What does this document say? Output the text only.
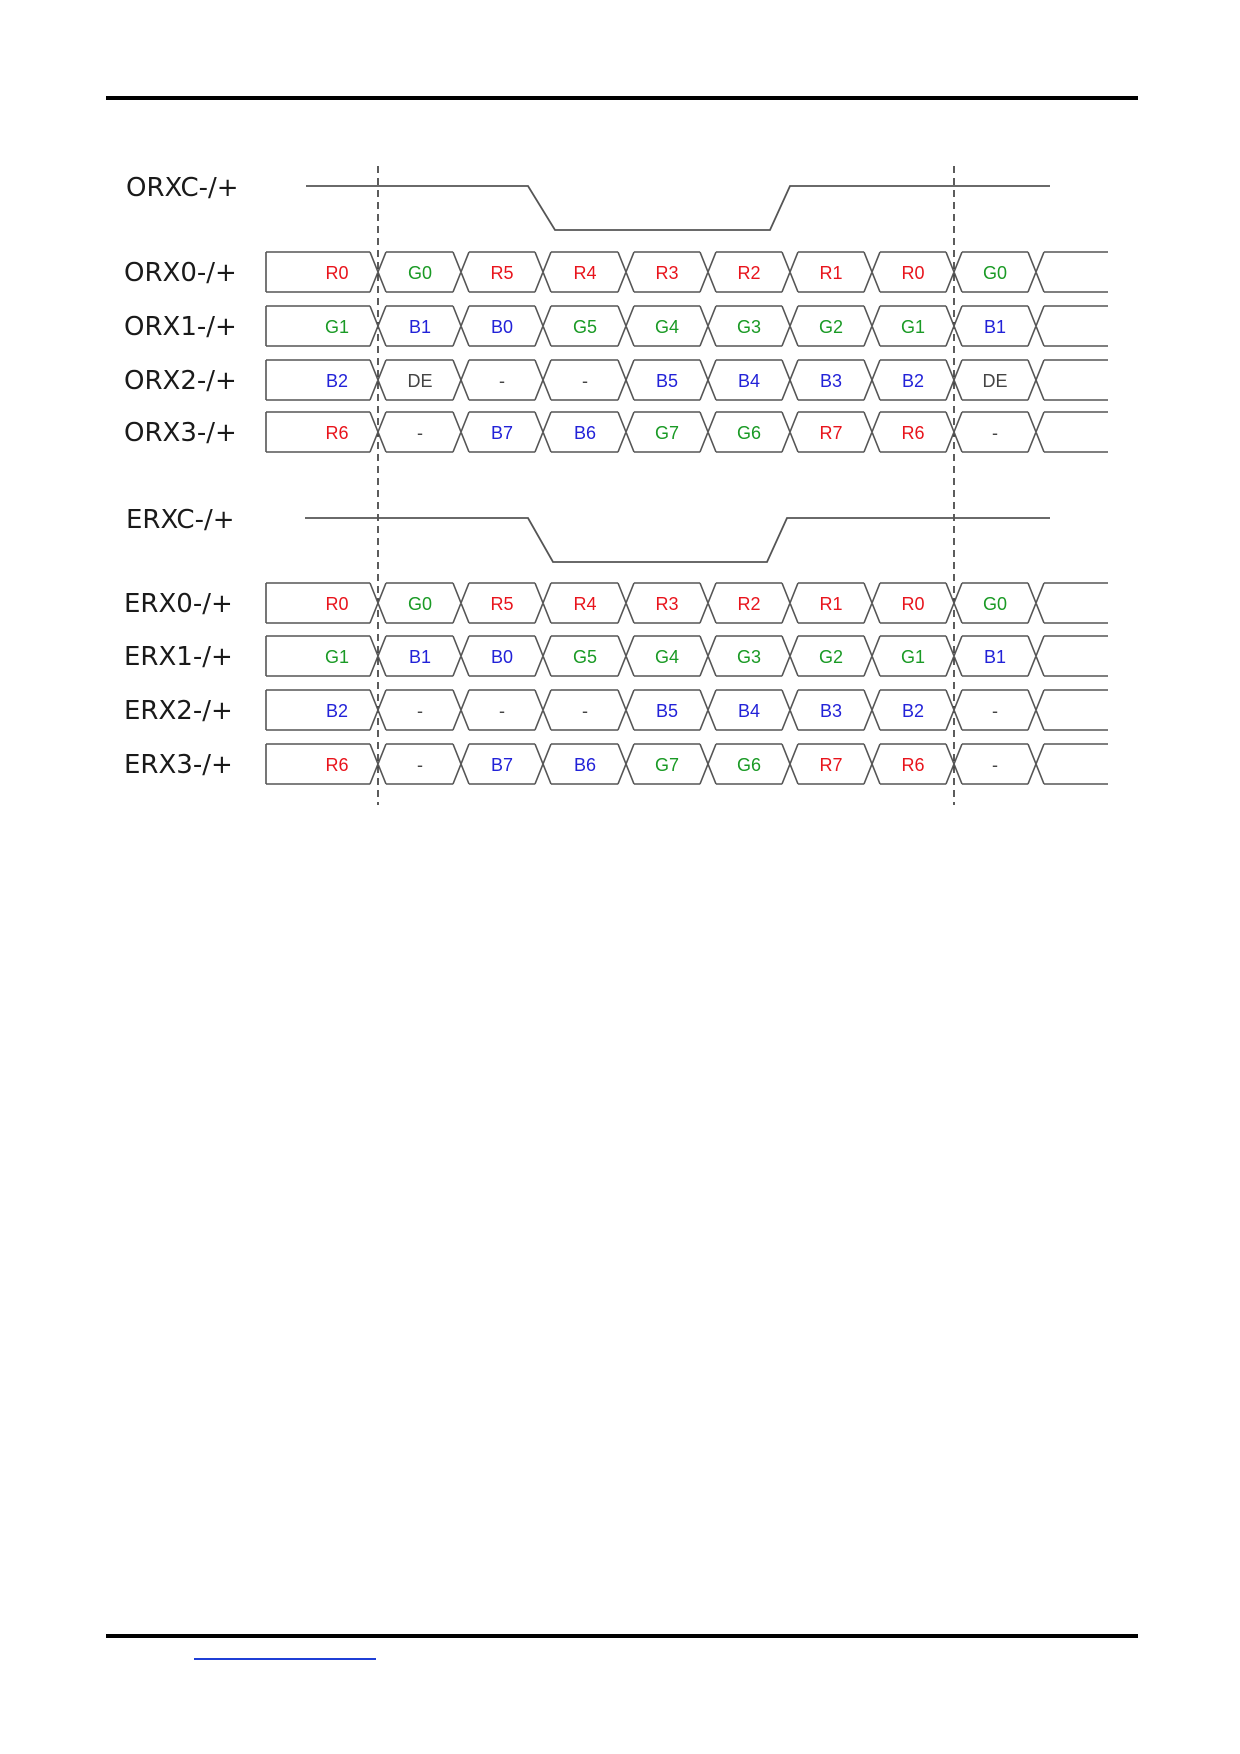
ORXC-/+
ORX0-/+	R0	G0	R5	R4	R3	R2	R1	R0	G0
ORX1-/+	G1	B1	B0	G5	G4	G3	G2	G1	B1
ORX2-/+	B2	DE	-	-	B5	B4	B3	B2	DE
ORX3-/+	R6	-	B7	B6	G7	G6	R7	R6	-
ERXC-/+
ERX0-/+	R0	G0	R5	R4	R3	R2	R1	R0	G0
ERX1-/+	G1	B1	B0	G5	G4	G3	G2	G1	B1
ERX2-/+	B2	-	-	-	B5	B4	B3	B2	-
ERX3-/+	R6	-	B7	B6	G7	G6	R7	R6	-
